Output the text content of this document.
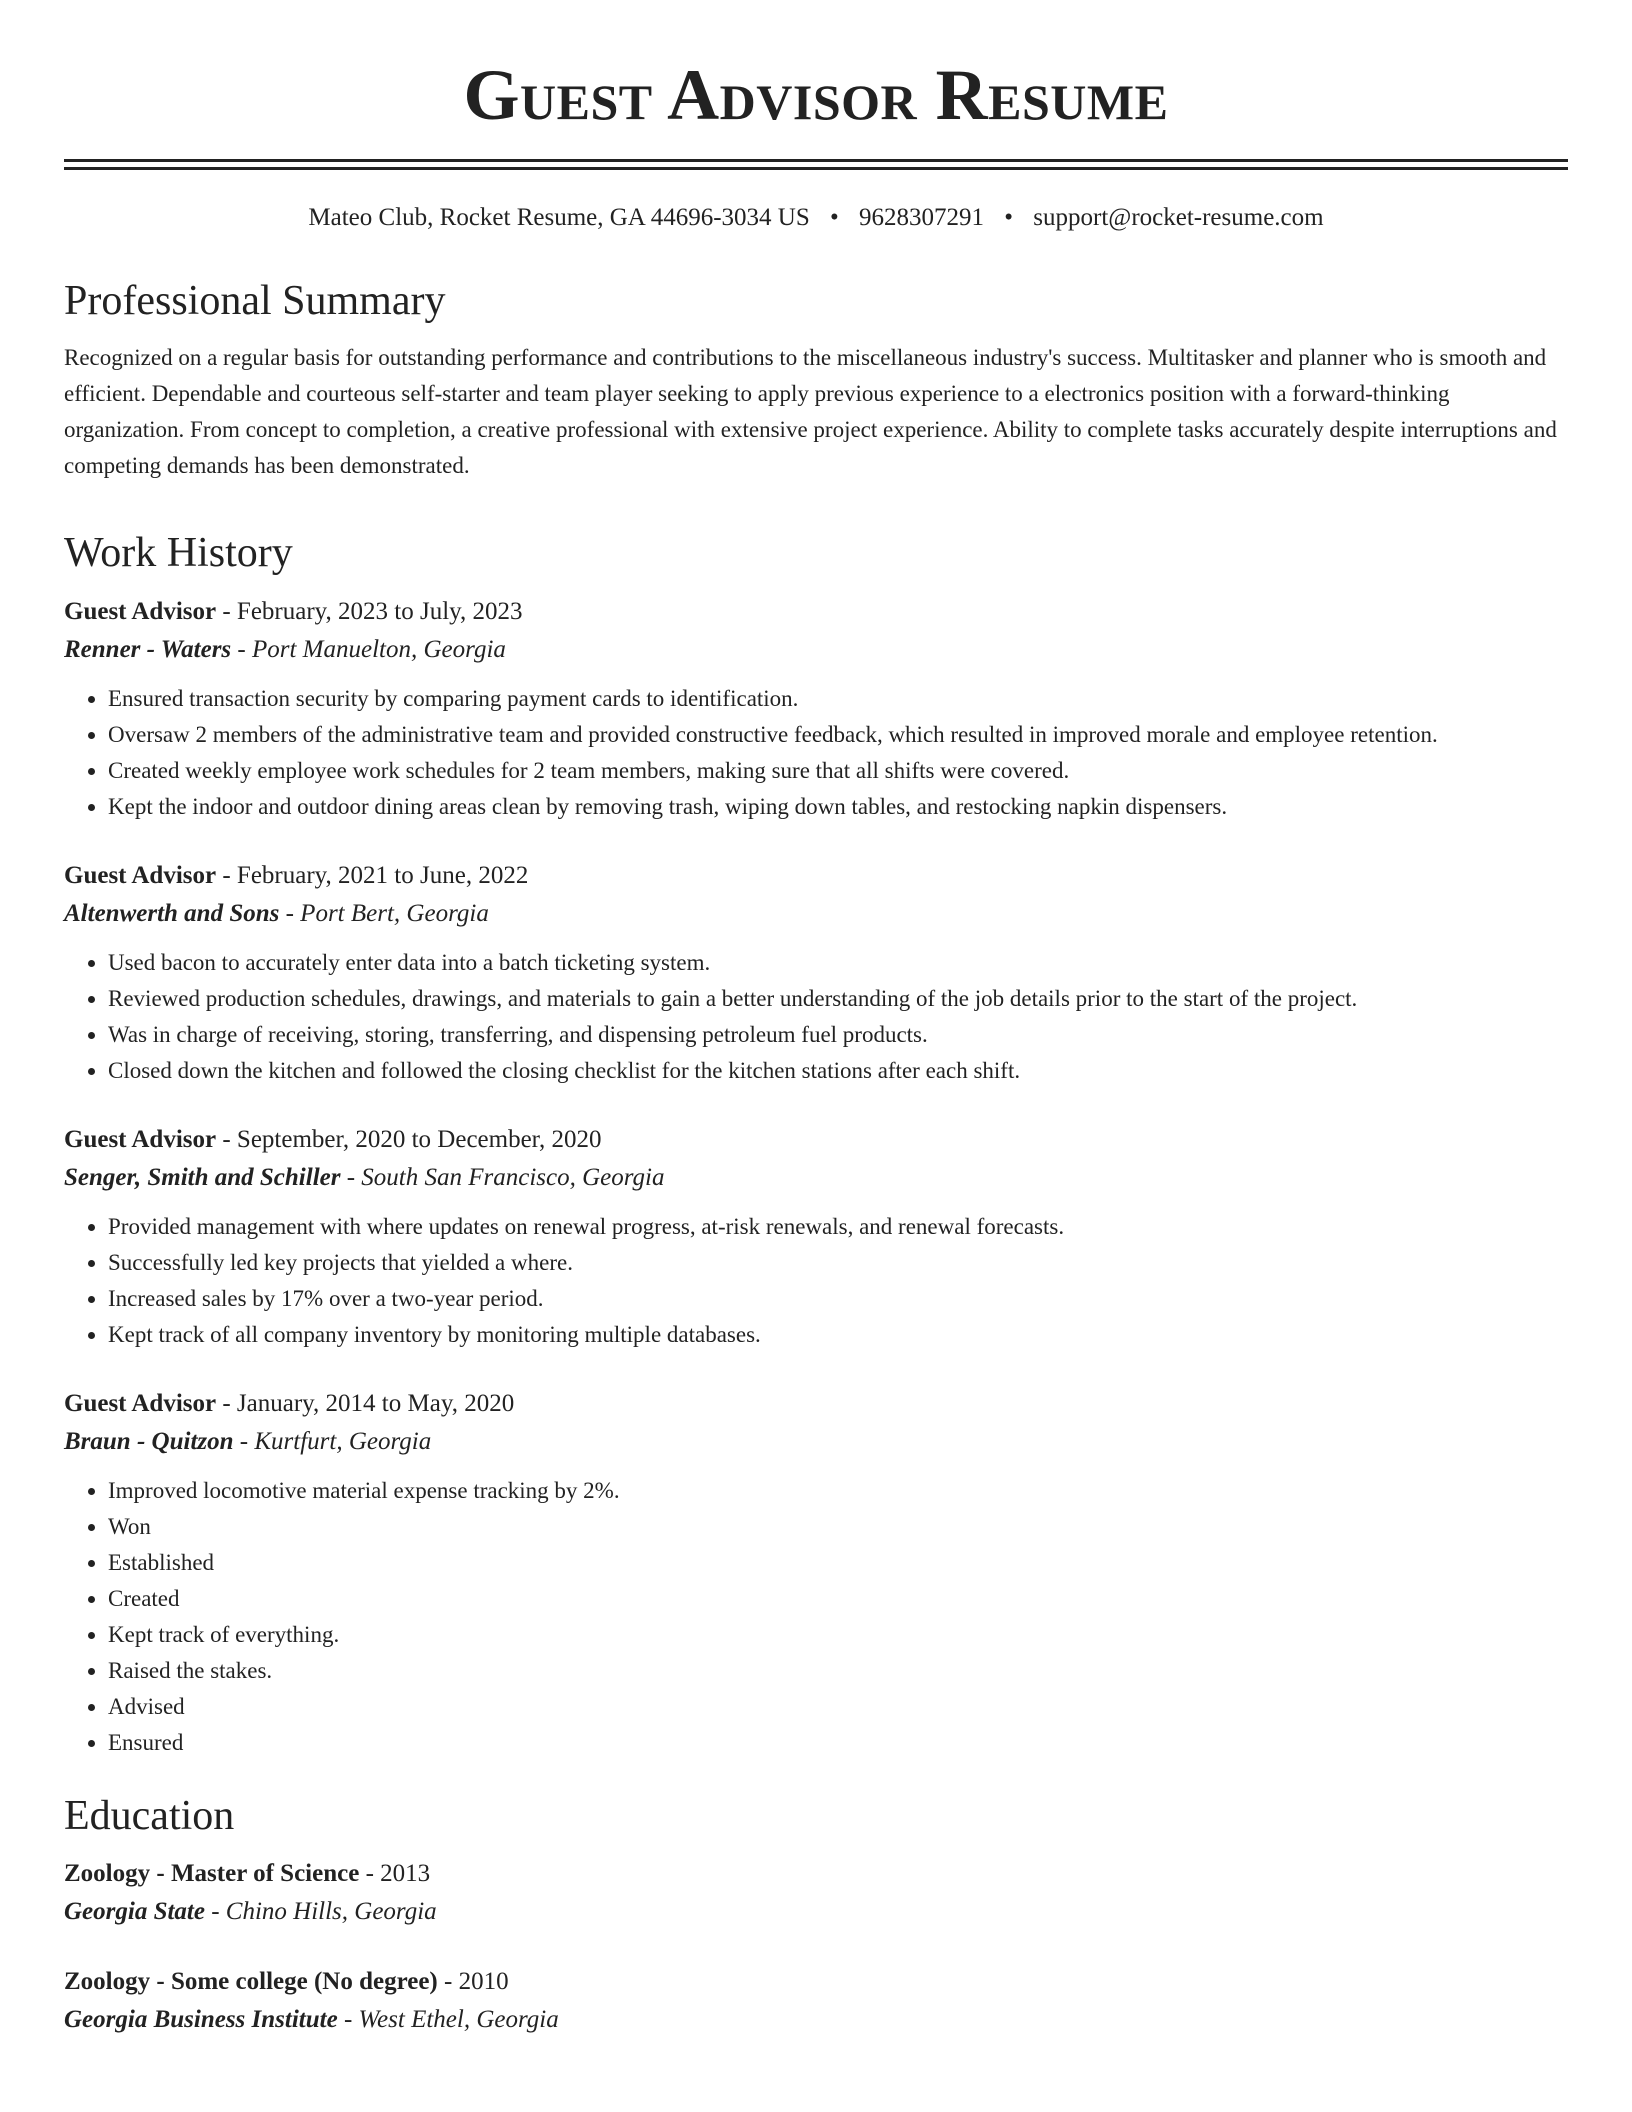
Guest Advisor Resume
Mateo Club, Rocket Resume, GA 44696-3034 US • 9628307291 • support@rocket-resume.com
Professional Summary

Recognized on a regular basis for outstanding performance and contributions to the miscellaneous industry's success. Multitasker and planner who is smooth and efficient. Dependable and courteous self-starter and team player seeking to apply previous experience to a electronics position with a forward-thinking organization. From concept to completion, a creative professional with extensive project experience. Ability to complete tasks accurately despite interruptions and competing demands has been demonstrated.

Work History
Guest Advisor - February, 2023 to July, 2023
Renner - Waters - Port Manuelton, Georgia
• Ensured transaction security by comparing payment cards to identification.
• Oversaw 2 members of the administrative team and provided constructive feedback, which resulted in improved morale and employee retention.
• Created weekly employee work schedules for 2 team members, making sure that all shifts were covered.
• Kept the indoor and outdoor dining areas clean by removing trash, wiping down tables, and restocking napkin dispensers.
Guest Advisor - February, 2021 to June, 2022
Altenwerth and Sons - Port Bert, Georgia
• Used bacon to accurately enter data into a batch ticketing system.
• Reviewed production schedules, drawings, and materials to gain a better understanding of the job details prior to the start of the project.
• Was in charge of receiving, storing, transferring, and dispensing petroleum fuel products.
• Closed down the kitchen and followed the closing checklist for the kitchen stations after each shift.
Guest Advisor - September, 2020 to December, 2020
Senger, Smith and Schiller - South San Francisco, Georgia
• Provided management with where updates on renewal progress, at-risk renewals, and renewal forecasts.
• Successfully led key projects that yielded a where.
• Increased sales by 17% over a two-year period.
• Kept track of all company inventory by monitoring multiple databases.
Guest Advisor - January, 2014 to May, 2020
Braun - Quitzon - Kurtfurt, Georgia
• Improved locomotive material expense tracking by 2%.
• Won
• Established
• Created
• Kept track of everything.
• Raised the stakes.
• Advised
• Ensured
Education
Zoology - Master of Science - 2013
Georgia State - Chino Hills, Georgia
Zoology - Some college (No degree) - 2010
Georgia Business Institute - West Ethel, Georgia
